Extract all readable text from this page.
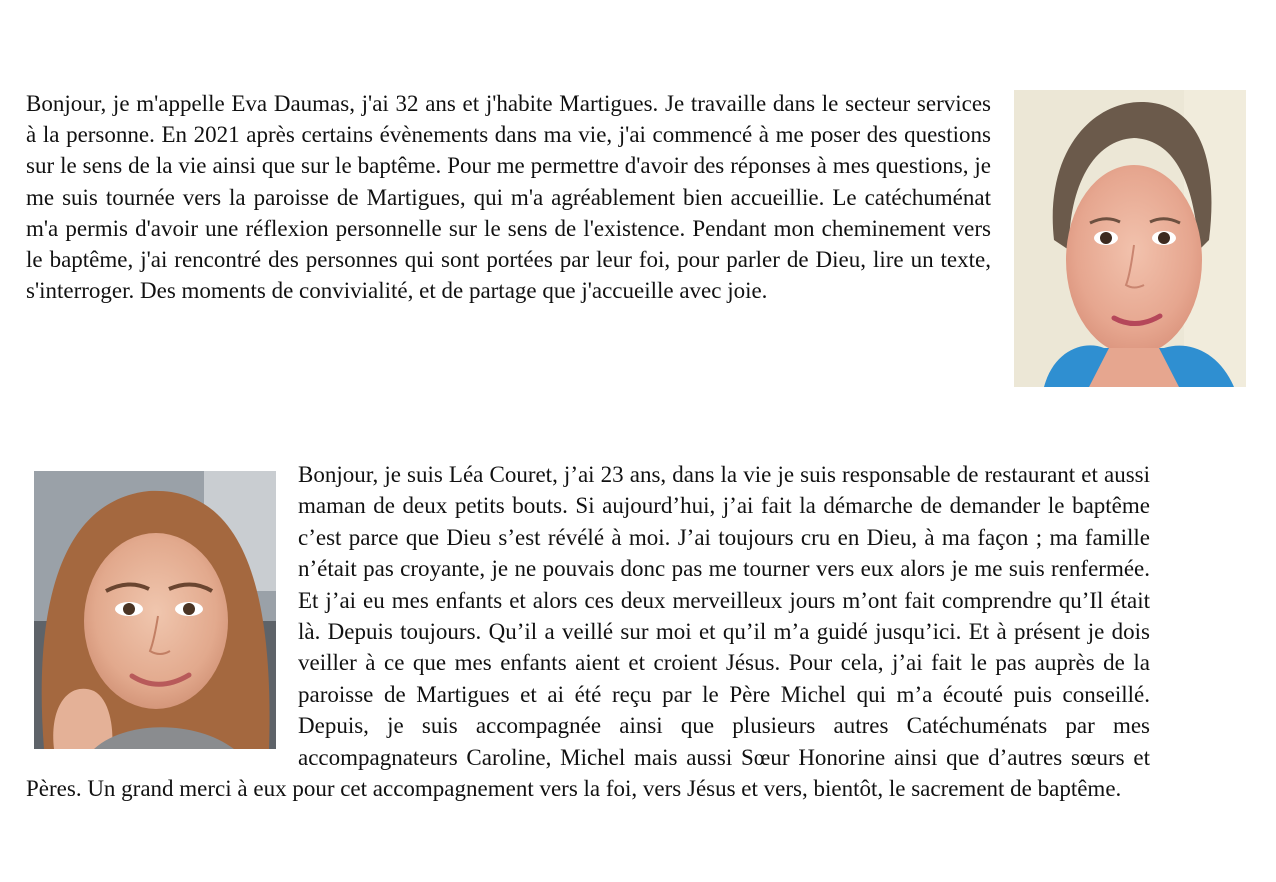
Bonjour, je m'appelle Eva Daumas, j'ai 32 ans et j'habite Martigues. Je travaille dans le secteur services à la personne. En 2021 après certains évènements dans ma vie, j'ai commencé à me poser des questions sur le sens de la vie ainsi que sur le baptême. Pour me permettre d'avoir des réponses à mes questions, je me suis tournée vers la paroisse de Martigues, qui m'a agréablement bien accueillie. Le catéchuménat m'a permis d'avoir une réflexion personnelle sur le sens de l'existence. Pendant mon cheminement vers le baptême, j'ai rencontré des personnes qui sont portées par leur foi, pour parler de Dieu, lire un texte, s'interroger. Des moments de convivialité, et de partage que j'accueille avec joie.

Bonjour, je suis Léa Couret, j’ai 23 ans, dans la vie je suis responsable de restaurant et aussi maman de deux petits bouts. Si aujourd’hui, j’ai fait la démarche de demander le baptême c’est parce que Dieu s’est révélé à moi. J’ai toujours cru en Dieu, à ma façon ; ma famille n’était pas croyante, je ne pouvais donc pas me tourner vers eux alors je me suis renfermée. Et j’ai eu mes enfants et alors ces deux merveilleux jours m’ont fait comprendre qu’Il était là. Depuis toujours. Qu’il a veillé sur moi et qu’il m’a guidé jusqu’ici. Et à présent je dois veiller à ce que mes enfants aient et croient Jésus. Pour cela, j’ai fait le pas auprès de la paroisse de Martigues et ai été reçu par le Père Michel qui m’a écouté puis conseillé. Depuis, je suis accompagnée ainsi que plusieurs autres Catéchuménats par mes accompagnateurs Caroline, Michel mais aussi Sœur Honorine ainsi que d’autres sœurs et Pères. Un grand merci à eux pour cet accompagnement vers la foi, vers Jésus et vers, bientôt, le sacrement de baptême.
